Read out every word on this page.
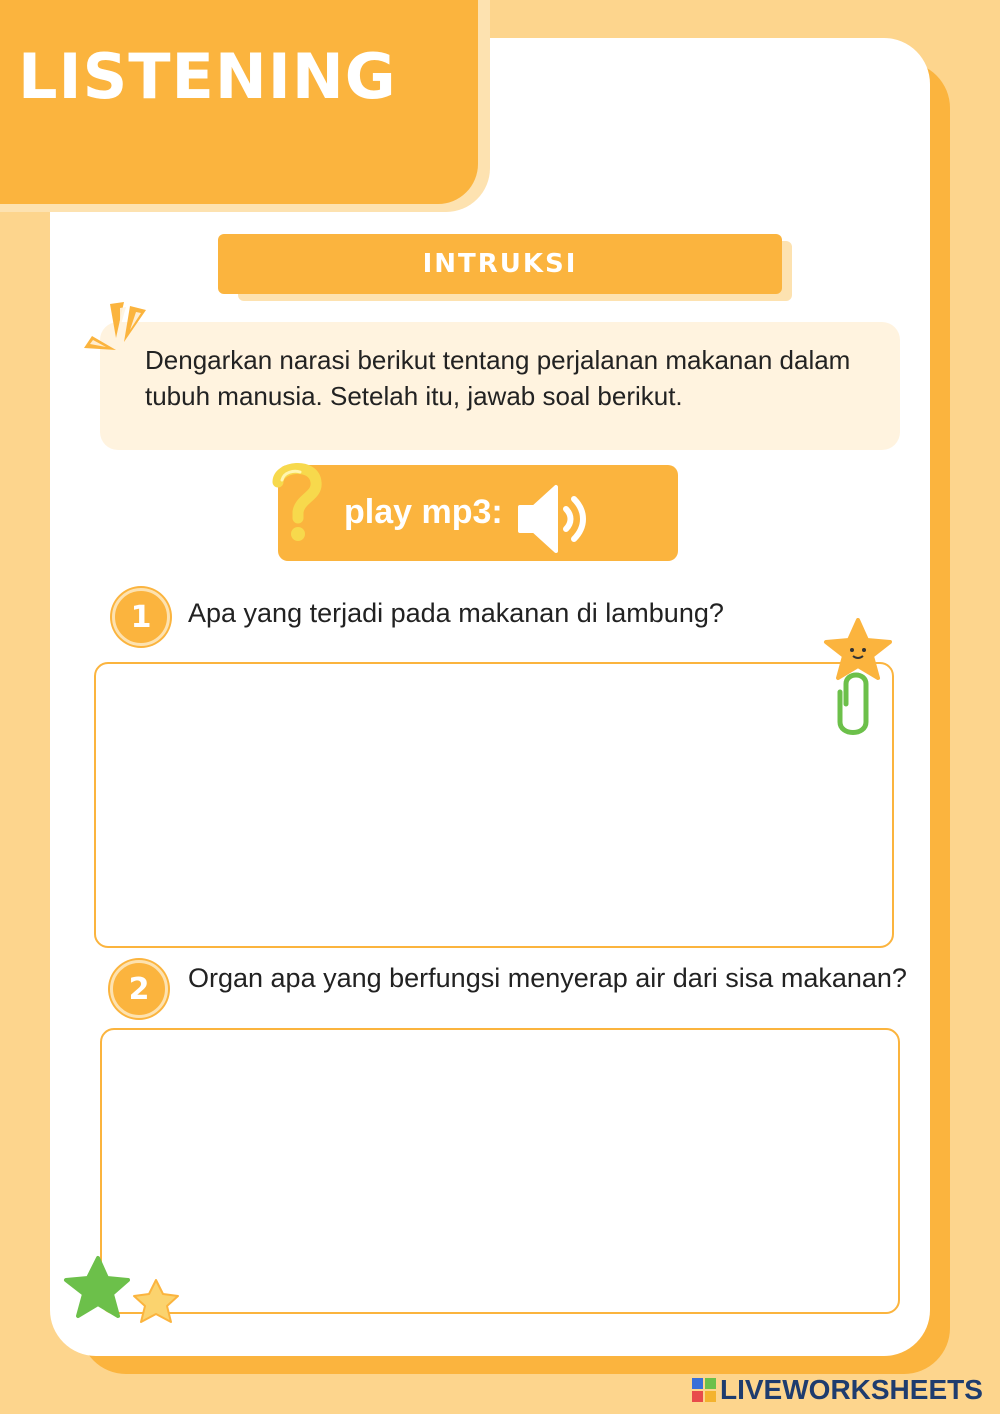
LISTENING
INTRUKSI
Dengarkan narasi berikut tentang perjalanan makanan dalam tubuh manusia. Setelah itu, jawab soal berikut.
play mp3:
1	Apa yang terjadi pada makanan di lambung?
2	Organ apa yang berfungsi menyerap air dari sisa makanan?
LIVEWORKSHEETS
